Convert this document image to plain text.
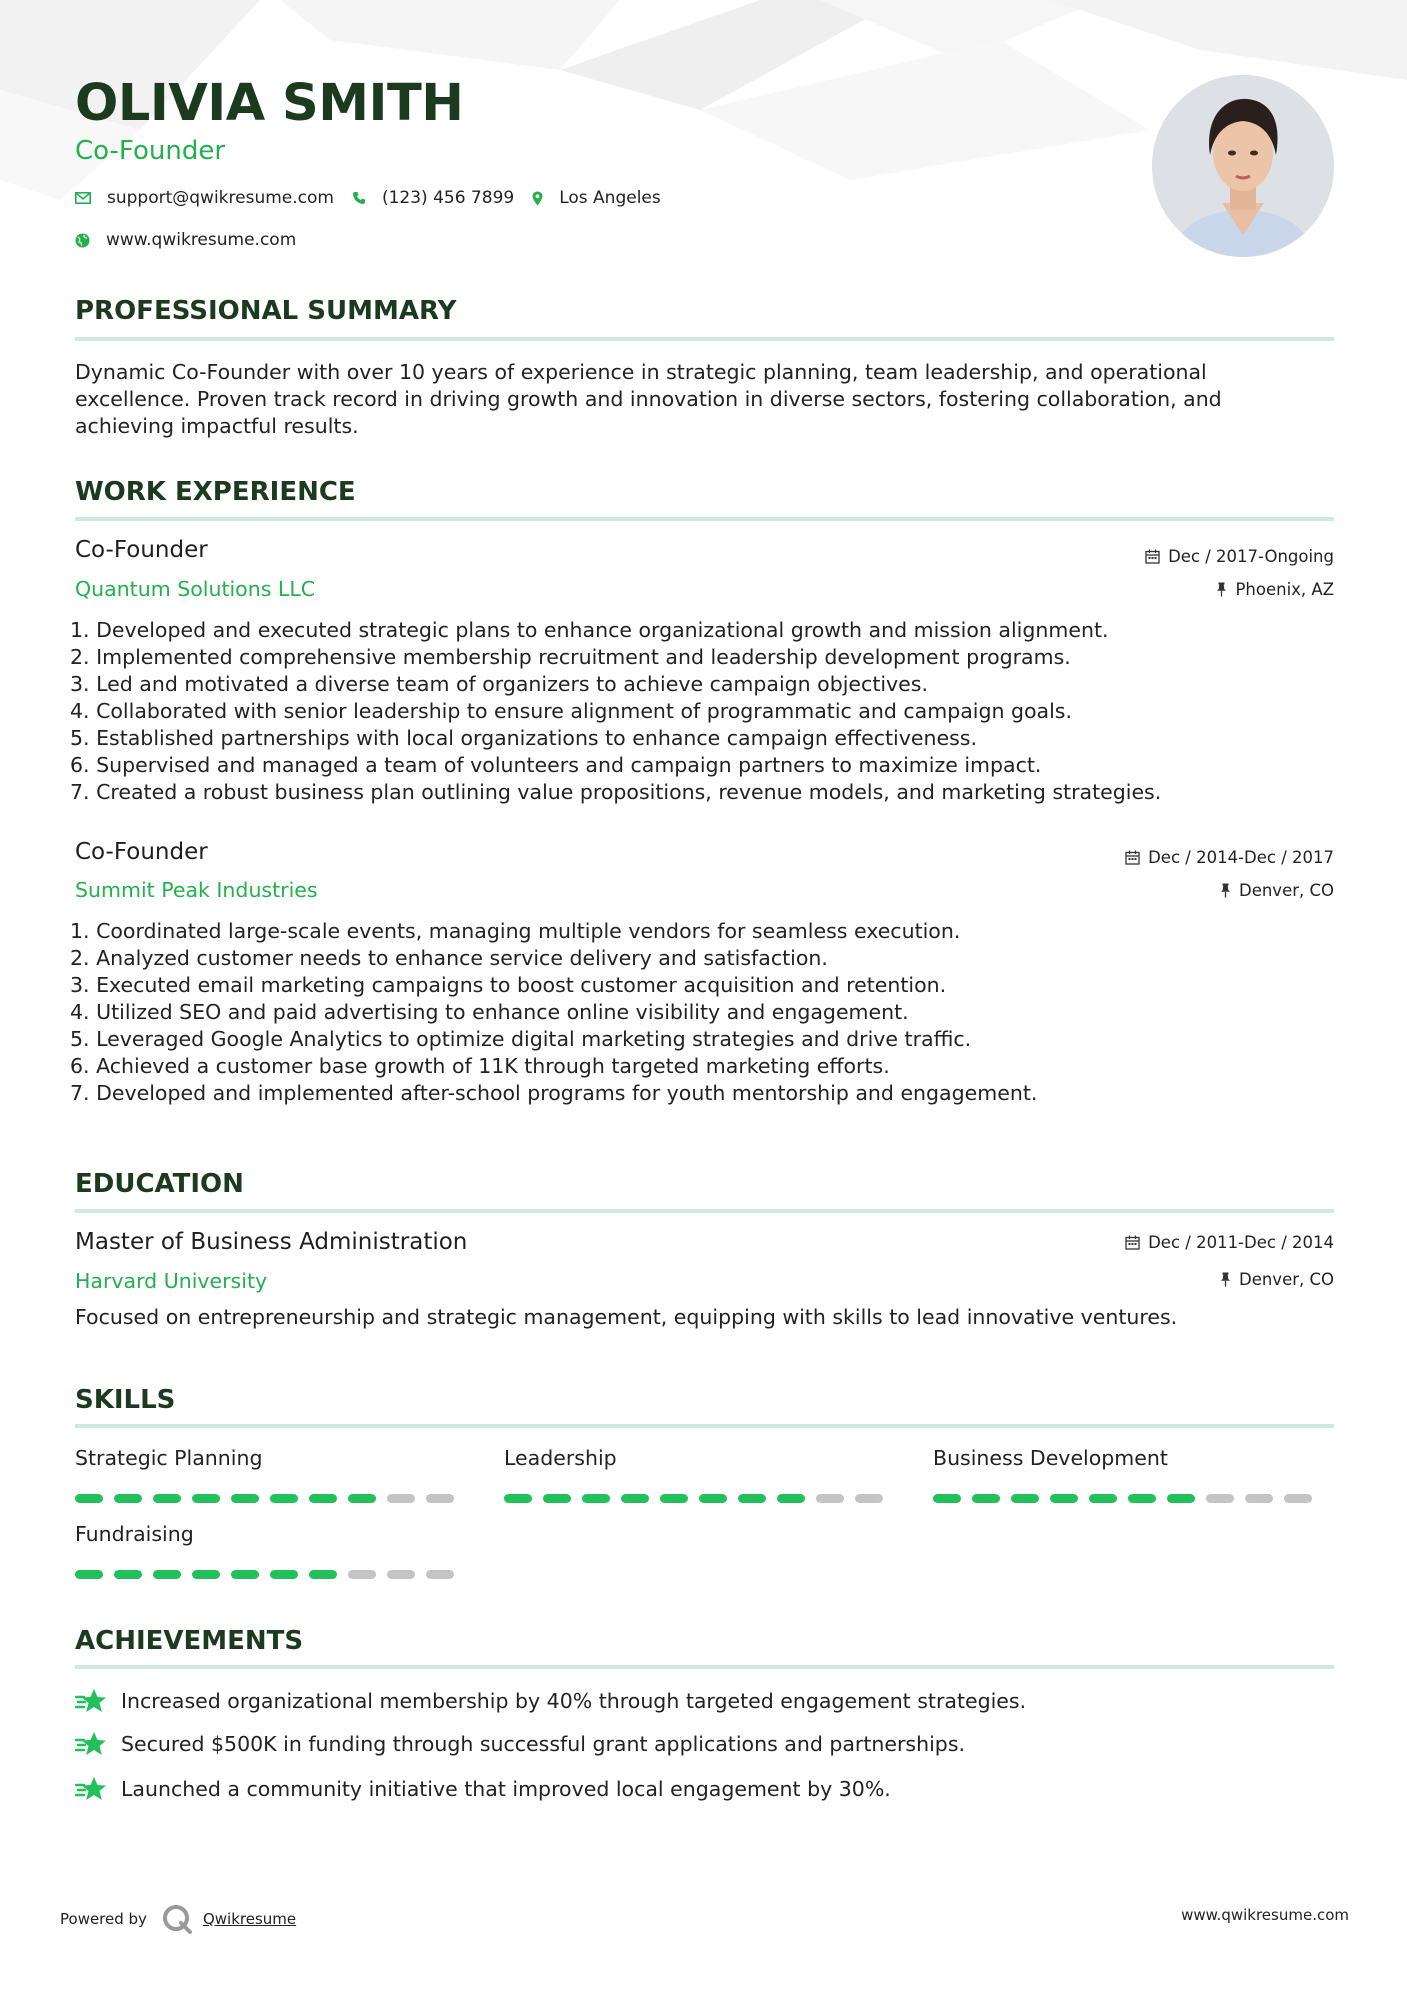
OLIVIA SMITH
Co-Founder
support@qwikresume.com	(123) 456 7899	Los Angeles
www.qwikresume.com
PROFESSIONAL SUMMARY
Dynamic Co-Founder with over 10 years of experience in strategic planning, team leadership, and operational excellence. Proven track record in driving growth and innovation in diverse sectors, fostering collaboration, and achieving impactful results.
WORK EXPERIENCE
Co-Founder
Quantum Solutions LLC
Dec / 2017-Ongoing
Phoenix, AZ
1. Developed and executed strategic plans to enhance organizational growth and mission alignment.
2. Implemented comprehensive membership recruitment and leadership development programs.
3. Led and motivated a diverse team of organizers to achieve campaign objectives.
4. Collaborated with senior leadership to ensure alignment of programmatic and campaign goals.
5. Established partnerships with local organizations to enhance campaign effectiveness.
6. Supervised and managed a team of volunteers and campaign partners to maximize impact.
7. Created a robust business plan outlining value propositions, revenue models, and marketing strategies.
Co-Founder
Summit Peak Industries
Dec / 2014-Dec / 2017
Denver, CO
1. Coordinated large-scale events, managing multiple vendors for seamless execution.
2. Analyzed customer needs to enhance service delivery and satisfaction.
3. Executed email marketing campaigns to boost customer acquisition and retention.
4. Utilized SEO and paid advertising to enhance online visibility and engagement.
5. Leveraged Google Analytics to optimize digital marketing strategies and drive traffic.
6. Achieved a customer base growth of 11K through targeted marketing efforts.
7. Developed and implemented after-school programs for youth mentorship and engagement.
EDUCATION
Master of Business Administration
Harvard University
Dec / 2011-Dec / 2014
Denver, CO
Focused on entrepreneurship and strategic management, equipping with skills to lead innovative ventures.
SKILLS
Strategic Planning	Leadership	Business Development
Fundraising
ACHIEVEMENTS
Increased organizational membership by 40% through targeted engagement strategies.
Secured $500K in funding through successful grant applications and partnerships.
Launched a community initiative that improved local engagement by 30%.
Powered by	Qwikresume	www.qwikresume.com
